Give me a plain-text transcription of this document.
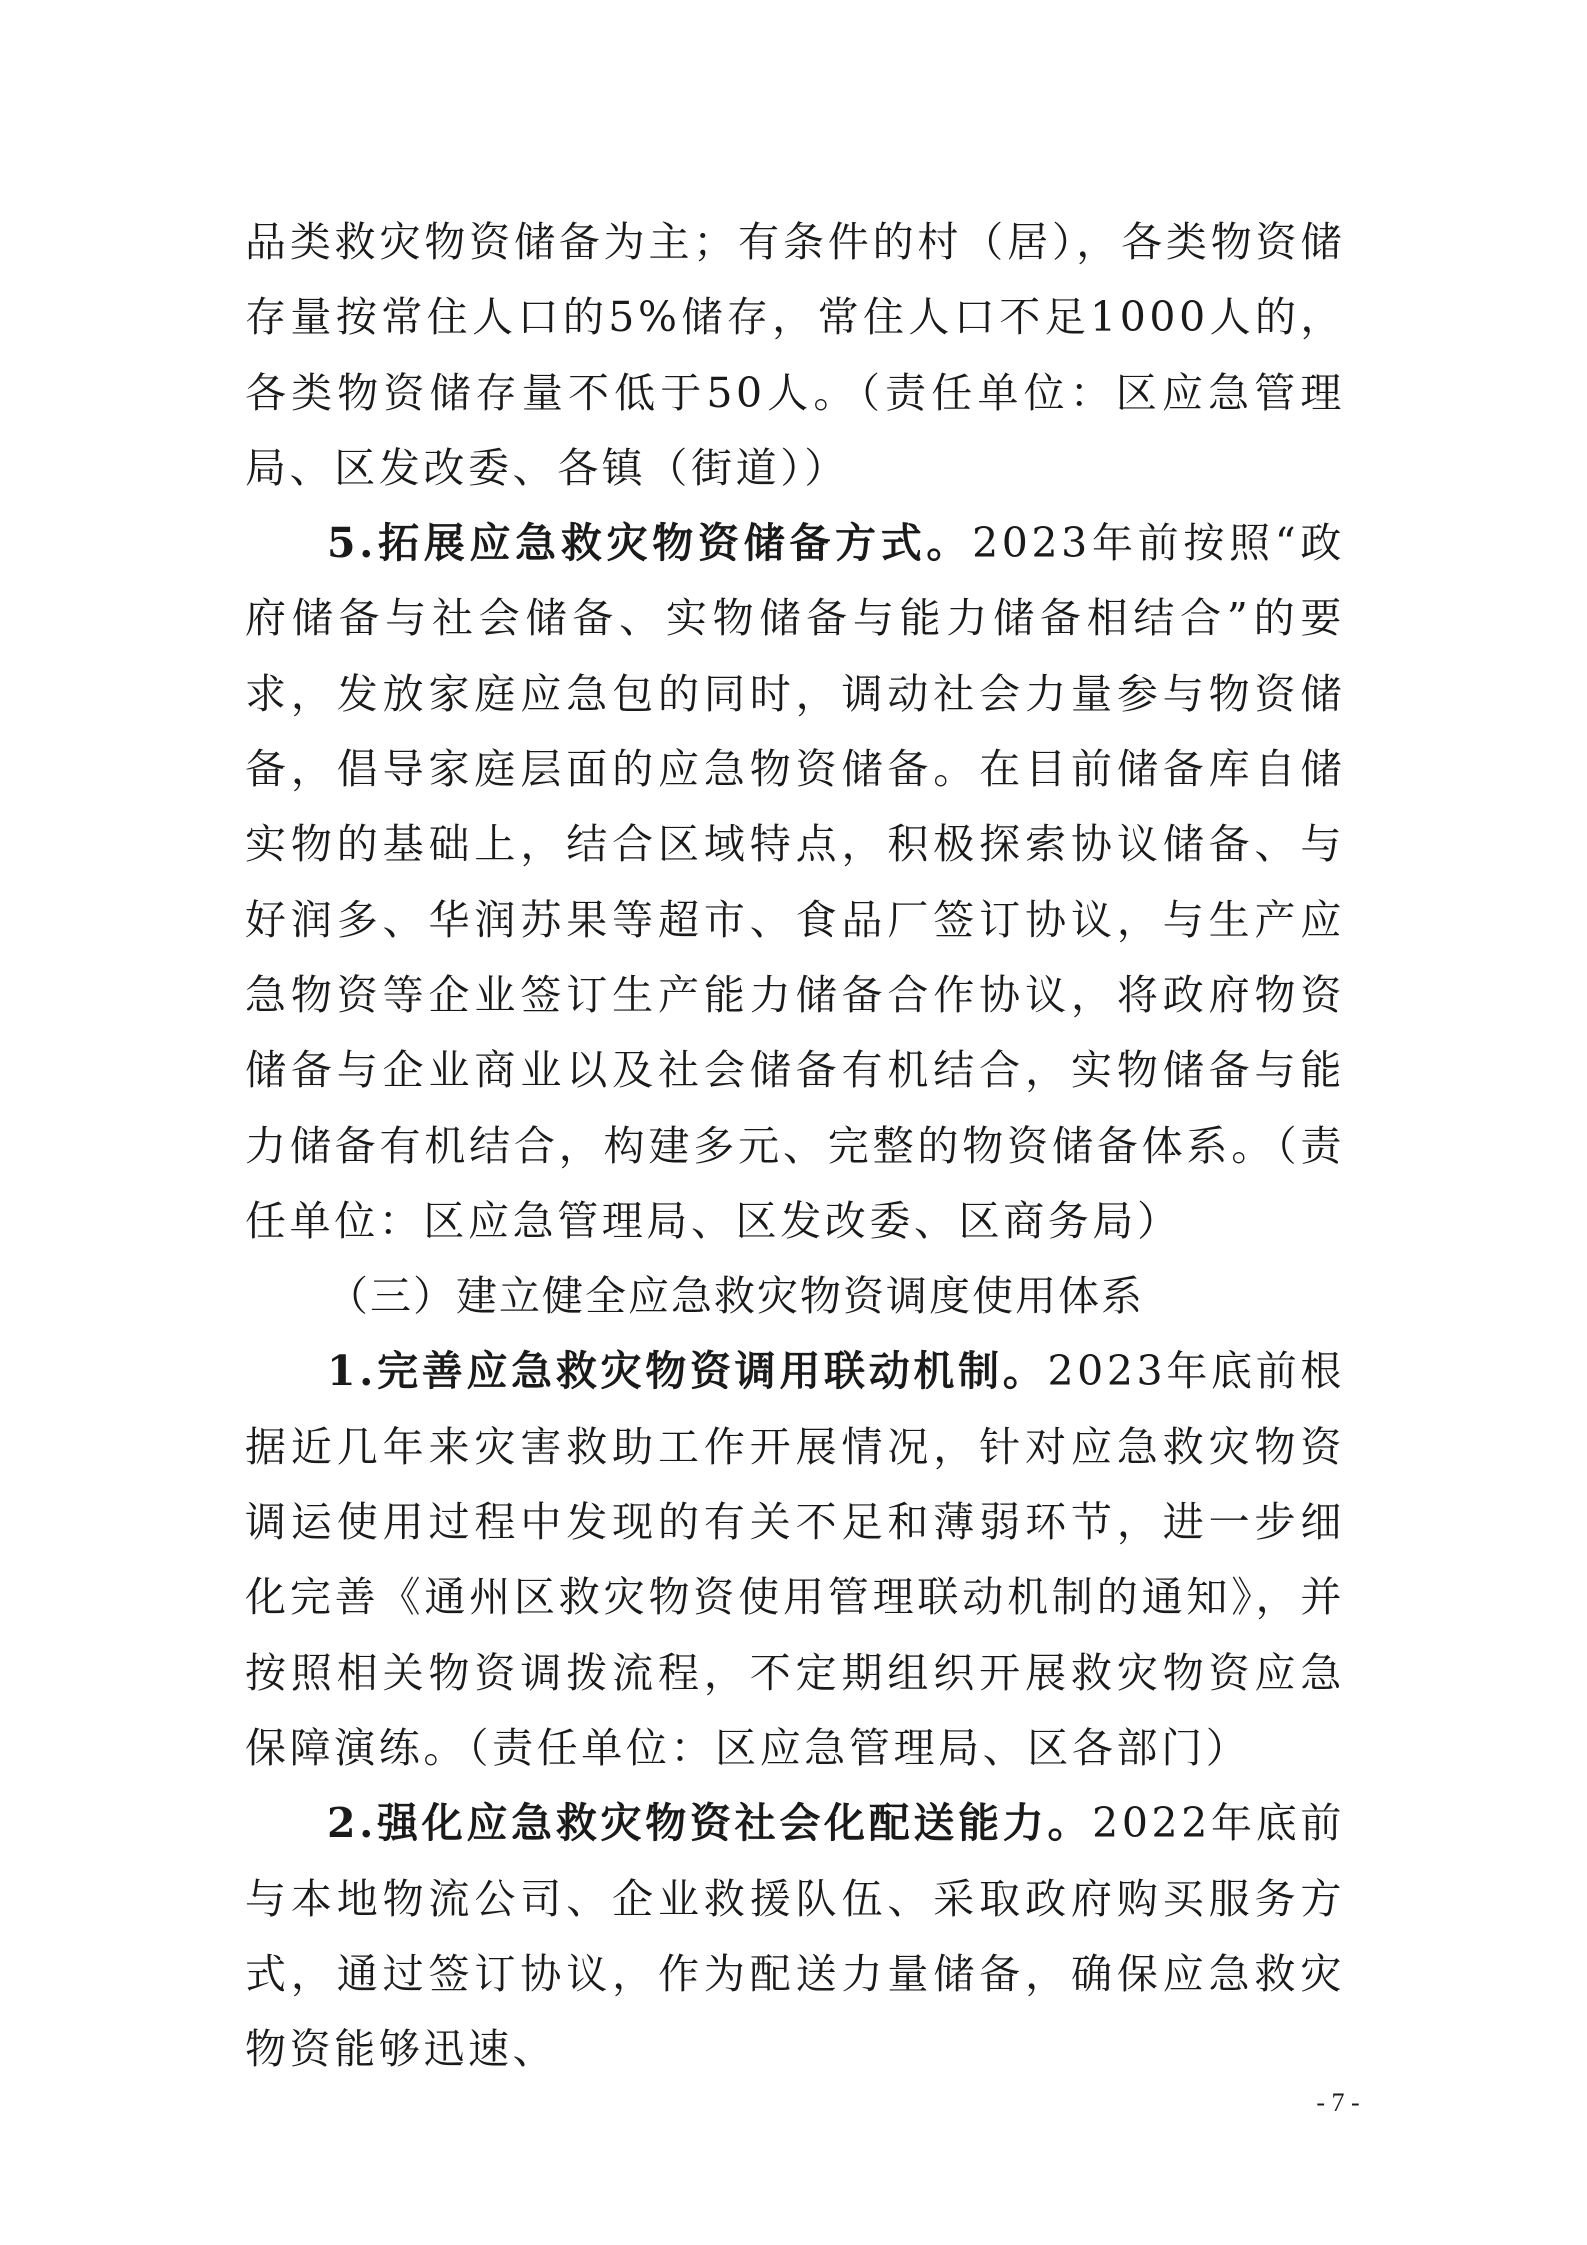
品类救灾物资储备为主；有条件的村（居），各类物资储存量按常住人口的5%储存，常住人口不足1000人的，各类物资储存量不低于50人。（责任单位：区应急管理局、区发改委、各镇（街道））

5.拓展应急救灾物资储备方式。2023年前按照“政府储备与社会储备、实物储备与能力储备相结合”的要求，发放家庭应急包的同时，调动社会力量参与物资储备，倡导家庭层面的应急物资储备。在目前储备库自储实物的基础上，结合区域特点，积极探索协议储备、与好润多、华润苏果等超市、食品厂签订协议，与生产应急物资等企业签订生产能力储备合作协议，将政府物资储备与企业商业以及社会储备有机结合，实物储备与能力储备有机结合，构建多元、完整的物资储备体系。（责任单位：区应急管理局、区发改委、区商务局）

（三）建立健全应急救灾物资调度使用体系

1.完善应急救灾物资调用联动机制。2023年底前根据近几年来灾害救助工作开展情况，针对应急救灾物资调运使用过程中发现的有关不足和薄弱环节，进一步细化完善《通州区救灾物资使用管理联动机制的通知》，并按照相关物资调拨流程，不定期组织开展救灾物资应急保障演练。（责任单位：区应急管理局、区各部门）

2.强化应急救灾物资社会化配送能力。2022年底前与本地物流公司、企业救援队伍、采取政府购买服务方式，通过签订协议，作为配送力量储备，确保应急救灾物资能够迅速、

- 7 -
